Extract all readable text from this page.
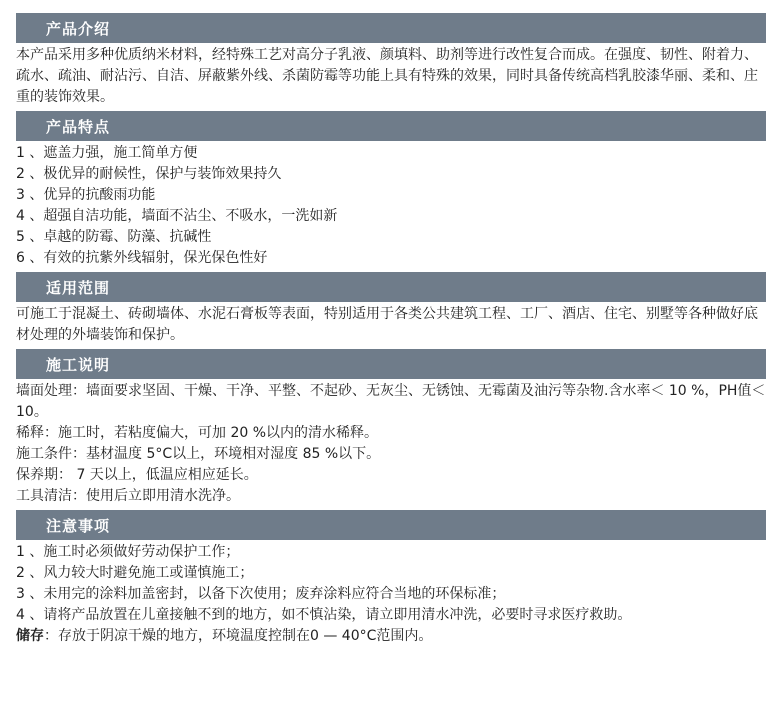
产品介绍

本产品采用多种优质纳米材料，经特殊工艺对高分子乳液、颜填料、助剂等进行改性复合而成。在强度、韧性、附着力、疏水、疏油、耐沾污、自洁、屏蔽紫外线、杀菌防霉等功能上具有特殊的效果，同时具备传统高档乳胶漆华丽、柔和、庄重的装饰效果。

产品特点
1 、遮盖力强，施工简单方便
2 、极优异的耐候性，保护与装饰效果持久
3 、优异的抗酸雨功能
4 、超强自洁功能，墙面不沾尘、不吸水，一洗如新
5 、卓越的防霉、防藻、抗碱性
6 、有效的抗紫外线辐射，保光保色性好
适用范围

可施工于混凝土、砖砌墙体、水泥石膏板等表面，特别适用于各类公共建筑工程、工厂、酒店、住宅、别墅等各种做好底材处理的外墙装饰和保护。

施工说明
墙面处理：墙面要求坚固、干燥、干净、平整、不起砂、无灰尘、无锈蚀、无霉菌及油污等杂物.含水率＜ 10 %，PH值＜ 10。
稀释：施工时，若粘度偏大，可加 20 %以内的清水稀释。
施工条件：基材温度 5°C以上，环境相对湿度 85 %以下。
保养期： 7 天以上，低温应相应延长。
工具清洁：使用后立即用清水洗净。
注意事项
1 、施工时必须做好劳动保护工作；
2 、风力较大时避免施工或谨慎施工；
3 、未用完的涂料加盖密封，以备下次使用；废弃涂料应符合当地的环保标准；
4 、请将产品放置在儿童接触不到的地方，如不慎沾染，请立即用清水冲洗，必要时寻求医疗救助。
储存：存放于阴凉干燥的地方，环境温度控制在0 — 40°C范围内。
